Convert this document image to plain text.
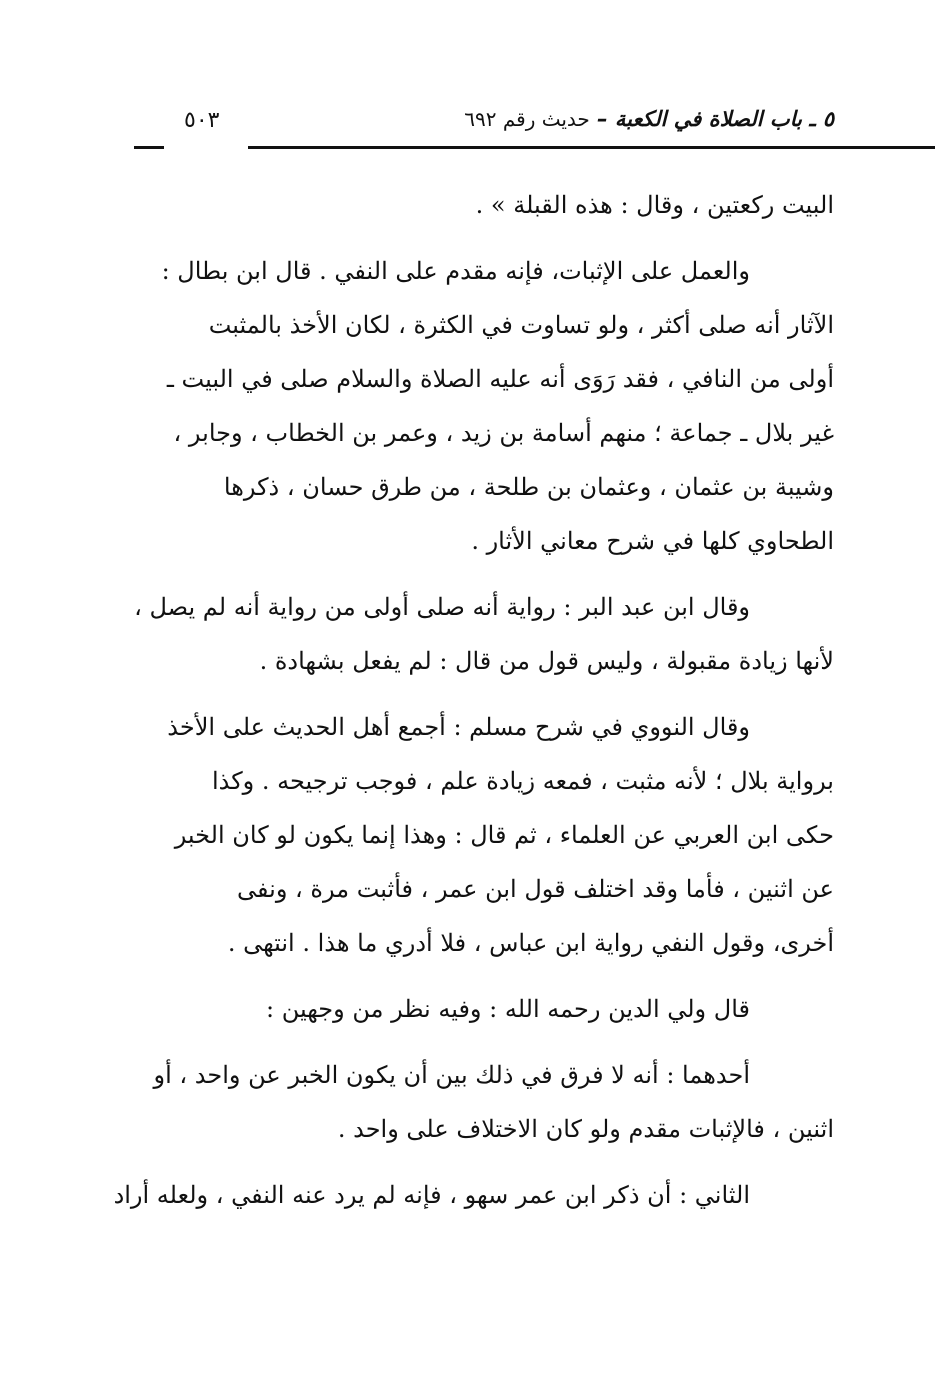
٥ ـ باب الصلاة في الكعبة – حديث رقم ٦٩٢
٥٠٣

البيت ركعتين ، وقال : هذه القبلة » .

والعمل على الإثبات، فإنه مقدم على النفي . قال ابن بطال :
الآثار أنه صلى أكثر ، ولو تساوت في الكثرة ، لكان الأخذ بالمثبت
أولى من النافي ، فقد رَوَى أنه عليه الصلاة والسلام صلى في البيت ـ
غير بلال ـ جماعة ؛ منهم أسامة بن زيد ، وعمر بن الخطاب ، وجابر ،
وشيبة بن عثمان ، وعثمان بن طلحة ، من طرق حسان ، ذكرها
الطحاوي كلها في شرح معاني الأثار .

وقال ابن عبد البر : رواية أنه صلى أولى من رواية أنه لم يصل ،
لأنها زيادة مقبولة ، وليس قول من قال : لم يفعل بشهادة .

وقال النووي في شرح مسلم : أجمع أهل الحديث على الأخذ
برواية بلال ؛ لأنه مثبت ، فمعه زيادة علم ، فوجب ترجيحه . وكذا
حكى ابن العربي عن العلماء ، ثم قال : وهذا إنما يكون لو كان الخبر
عن اثنين ، فأما وقد اختلف قول ابن عمر ، فأثبت مرة ، ونفى
أخرى، وقول النفي رواية ابن عباس ، فلا أدري ما هذا . انتهى .

قال ولي الدين رحمه الله : وفيه نظر من وجهين :

أحدهما : أنه لا فرق في ذلك بين أن يكون الخبر عن واحد ، أو
اثنين ، فالإثبات مقدم ولو كان الاختلاف على واحد .

الثاني : أن ذكر ابن عمر سهو ، فإنه لم يرد عنه النفي ، ولعله أراد
